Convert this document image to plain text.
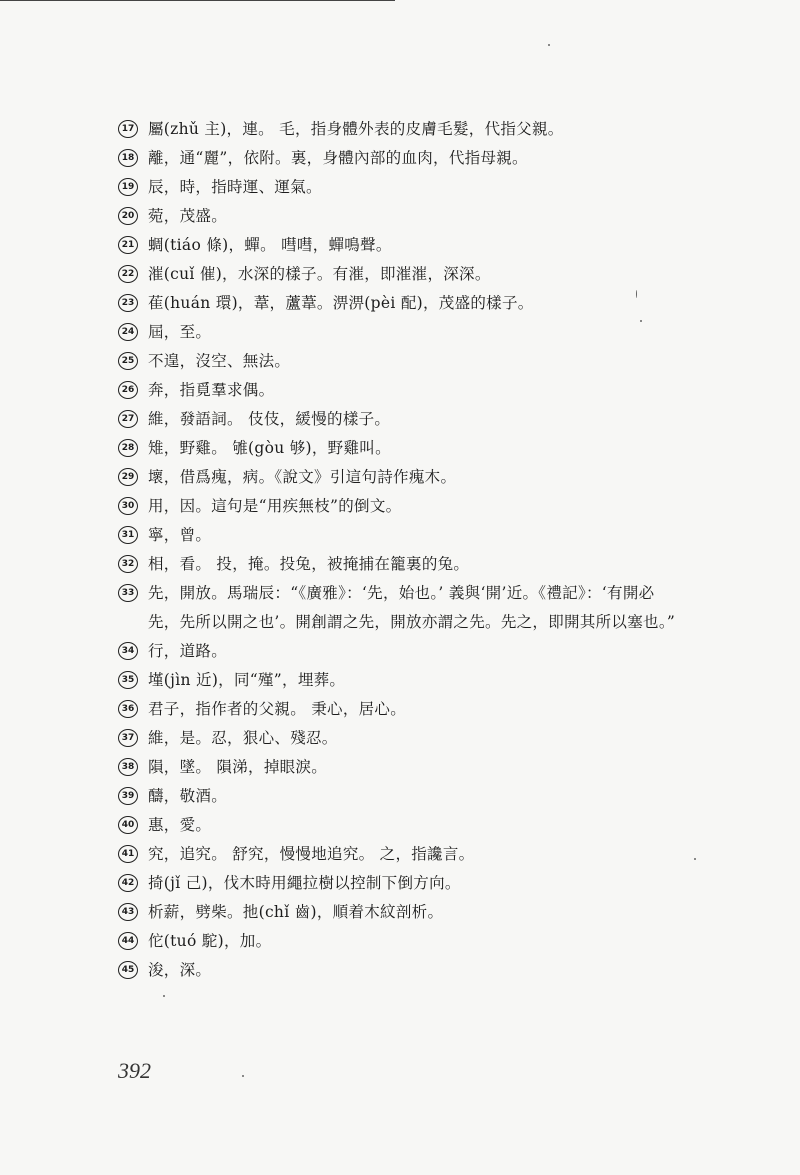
17 屬(zhǔ 主)，連。 毛，指身體外表的皮膚毛髮，代指父親。
18 離，通“麗”，依附。裏，身體內部的血肉，代指母親。
19 辰，時，指時運、運氣。
20 菀，茂盛。
21 蜩(tiáo 條)，蟬。 嘒嘒，蟬鳴聲。
22 漼(cuǐ 催)，水深的樣子。有漼，即漼漼，深深。
23 萑(huán 環)，葦，蘆葦。淠淠(pèi 配)，茂盛的樣子。
24 屆，至。
25 不遑，沒空、無法。
26 奔，指覓羣求偶。
27 維，發語詞。 伎伎，緩慢的樣子。
28 雉，野雞。 雊(gòu 够)，野雞叫。
29 壞，借爲瘣，病。《說文》引這句詩作瘣木。
30 用，因。這句是“用疾無枝”的倒文。
31 寧，曾。
32 相，看。 投，掩。投兔，被掩捕在籠裏的兔。
33 先，開放。馬瑞辰：“《廣雅》：‘先，始也。’ 義與‘開’近。《禮記》：‘有開必先，先所以開之也’。開創謂之先，開放亦謂之先。先之，即開其所以塞也。”
34 行，道路。
35 墐(jìn 近)，同“殣”，埋葬。
36 君子，指作者的父親。 秉心，居心。
37 維，是。忍，狠心、殘忍。
38 隕，墜。 隕涕，掉眼淚。
39 醻，敬酒。
40 惠，愛。
41 究，追究。 舒究，慢慢地追究。 之，指讒言。
42 掎(jǐ 己)，伐木時用繩拉樹以控制下倒方向。
43 析薪，劈柴。扡(chǐ 齒)，順着木紋剖析。
44 佗(tuó 駝)，加。
45 浚，深。
392
